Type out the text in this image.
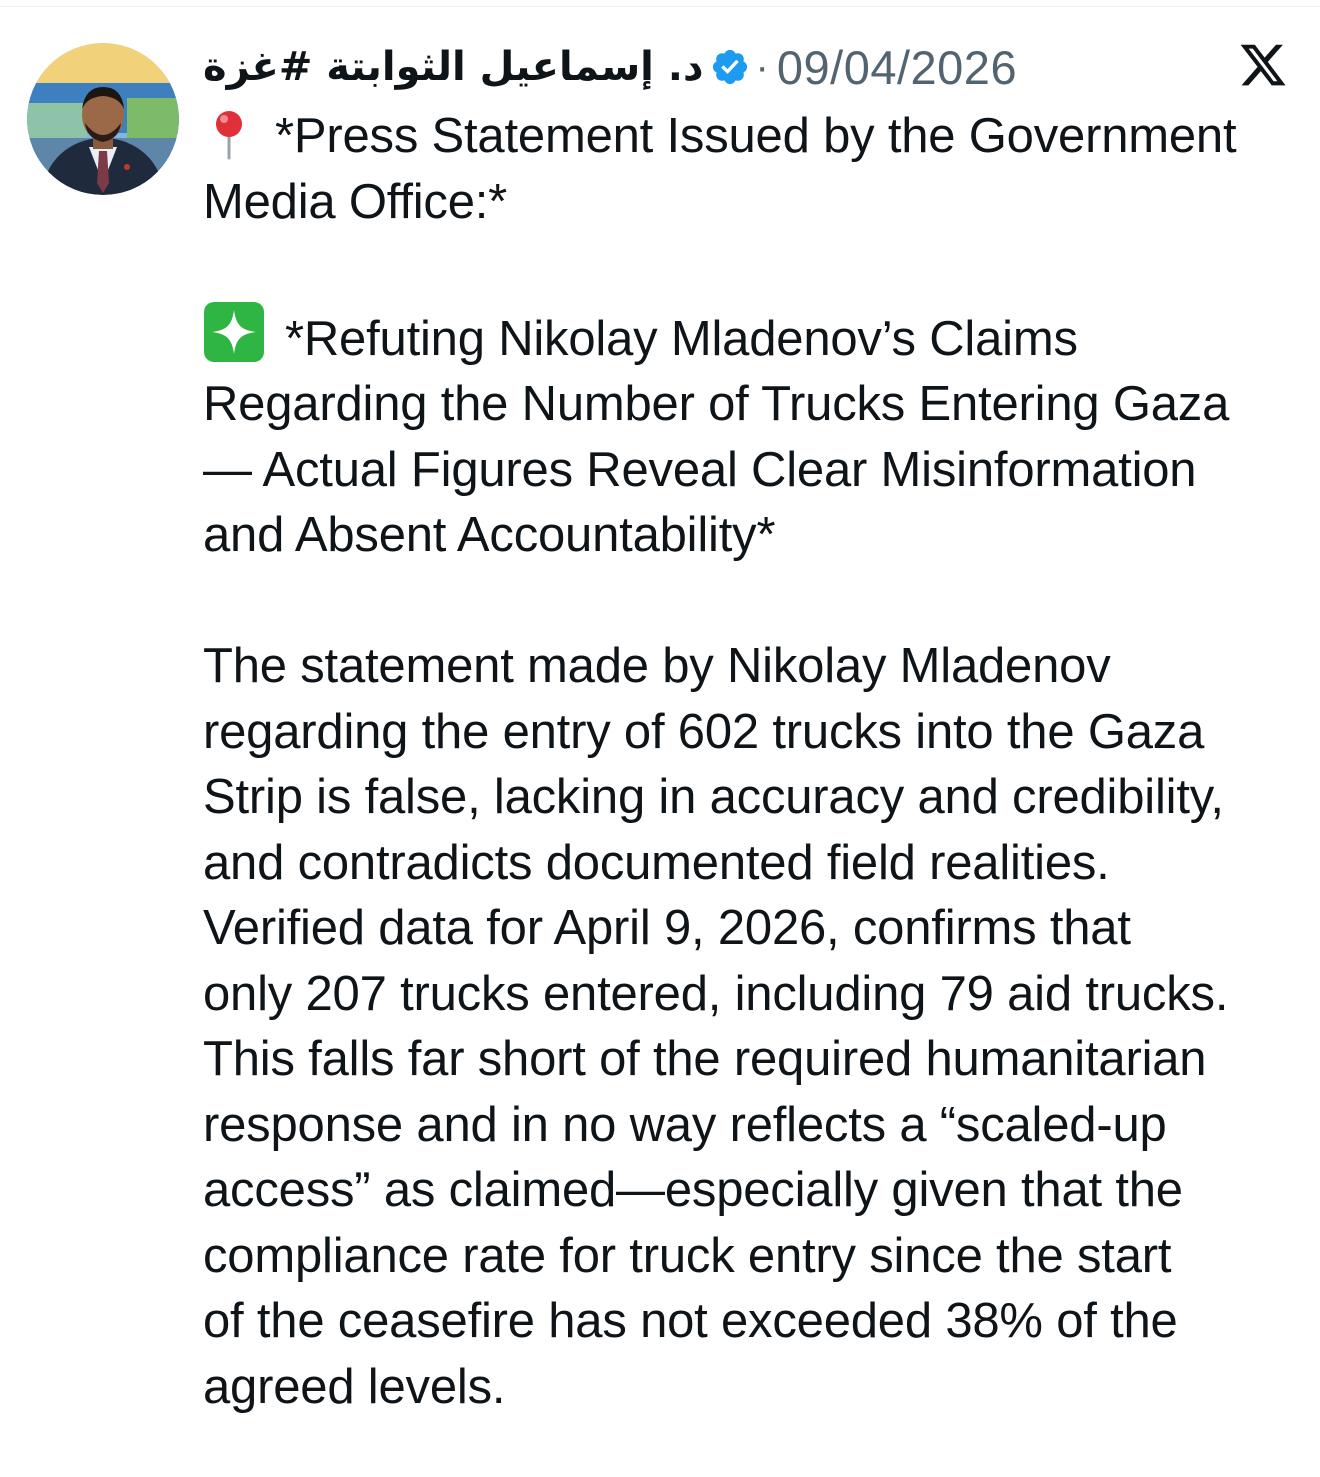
د. إسماعيل الثوابتة #غزة · 09/04/2026
*Press Statement Issued by the Government
Media Office:*
*Refuting Nikolay Mladenov’s Claims
Regarding the Number of Trucks Entering Gaza
— Actual Figures Reveal Clear Misinformation
and Absent Accountability*
The statement made by Nikolay Mladenov
regarding the entry of 602 trucks into the Gaza
Strip is false, lacking in accuracy and credibility,
and contradicts documented field realities.
Verified data for April 9, 2026, confirms that
only 207 trucks entered, including 79 aid trucks.
This falls far short of the required humanitarian
response and in no way reflects a “scaled-up
access” as claimed—especially given that the
compliance rate for truck entry since the start
of the ceasefire has not exceeded 38% of the
agreed levels.
